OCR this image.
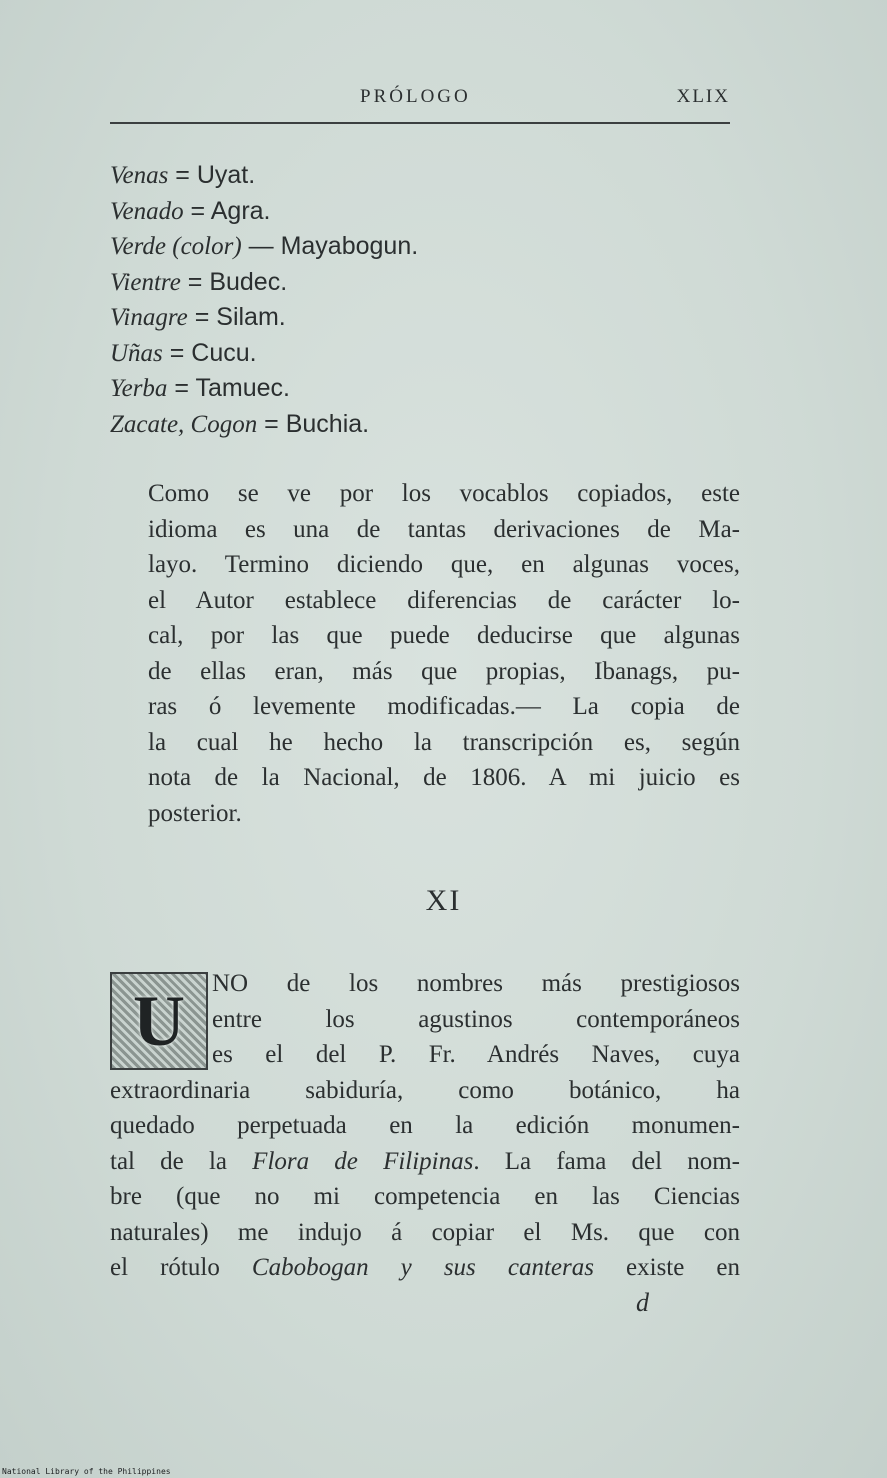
PRÓLOGO	XLIX
Venas = Uyat.
Venado = Agra.
Verde (color) — Mayabogun.
Vientre = Budec.
Vinagre = Silam.
Uñas = Cucu.
Yerba = Tamuec.
Zacate, Cogon = Buchia.
Como se ve por los vocablos copiados, este
idioma es una de tantas derivaciones de Ma-
layo. Termino diciendo que, en algunas voces,
el Autor establece diferencias de carácter lo-
cal, por las que puede deducirse que algunas
de ellas eran, más que propias, Ibanags, pu-
ras ó levemente modificadas.— La copia de
la cual he hecho la transcripción es, según
nota de la Nacional, de 1806. A mi juicio es
posterior.
XI
U	NO de los nombres más prestigiosos
entre los agustinos contemporáneos
es el del P. Fr. Andrés Naves, cuya
extraordinaria sabiduría, como botánico, ha
quedado perpetuada en la edición monumen-
tal de la Flora de Filipinas. La fama del nom-
bre (que no mi competencia en las Ciencias
naturales) me indujo á copiar el Ms. que con
el rótulo Cabobogan y sus canteras existe en
d
National Library of the Philippines
